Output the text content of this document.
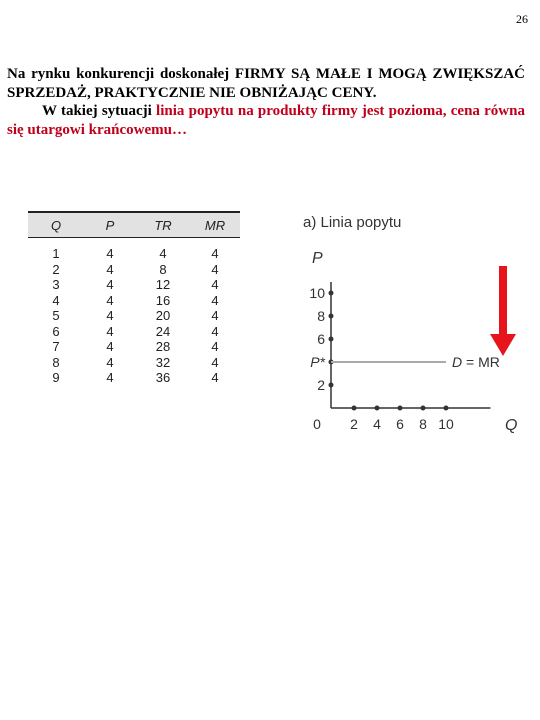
26
Na rynku konkurencji doskonałej FIRMY SĄ MAŁE I MOGĄ ZWIĘKSZAĆ SPRZEDAŻ, PRAKTYCZNIE NIE OBNIŻAJĄC CENY.
W takiej sytuacji linia popytu na produkty firmy jest pozioma, cena równa się utargowi krańcowemu…
Q	P	TR	MR
1	4	4	4
2	4	8	4
3	4	12	4
4	4	16	4
5	4	20	4
6	4	24	4
7	4	28	4
8	4	32	4
9	4	36	4
a) Linia popytu
P
Q
2
P*
6
8
10
0 2 4 6 8 10
D = MR
